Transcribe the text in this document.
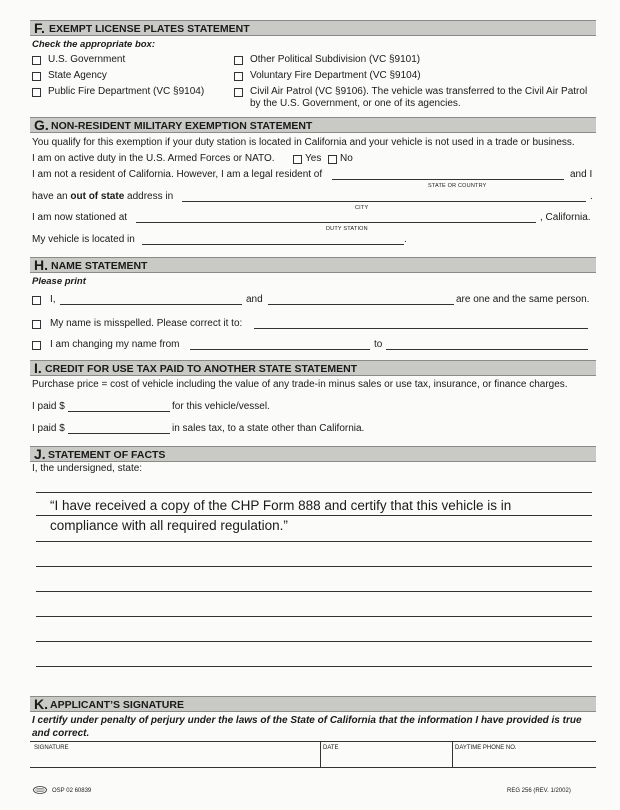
F. EXEMPT LICENSE PLATES STATEMENT
Check the appropriate box:
U.S. Government
State Agency
Public Fire Department (VC §9104)
Other Political Subdivision (VC §9101)
Voluntary Fire Department (VC §9104)
Civil Air Patrol (VC §9106). The vehicle was transferred to the Civil Air Patrol
by the U.S. Government, or one of its agencies.
G. NON-RESIDENT MILITARY EXEMPTION STATEMENT
You qualify for this exemption if your duty station is located in California and your vehicle is not used in a trade or business.
I am on active duty in the U.S. Armed Forces or NATO.	Yes No
I am not a resident of California. However, I am a legal resident of	and I
STATE OR COUNTRY
have an out of state address in	.
CITY
I am now stationed at	, California.
DUTY STATION
My vehicle is located in	.
H. NAME STATEMENT
Please print
I,	and	are one and the same person.
My name is misspelled. Please correct it to:
I am changing my name from	to
I. CREDIT FOR USE TAX PAID TO ANOTHER STATE STATEMENT
Purchase price = cost of vehicle including the value of any trade-in minus sales or use tax, insurance, or finance charges.
I paid $	for this vehicle/vessel.
I paid $	in sales tax, to a state other than California.
J. STATEMENT OF FACTS
I, the undersigned, state:
“I have received a copy of the CHP Form 888 and certify that this vehicle is in
compliance with all required regulation.”
K. APPLICANT’S SIGNATURE
I certify under penalty of perjury under the laws of the State of California that the information I have provided is true
and correct.
SIGNATURE	DATE	DAYTIME PHONE NO.
OSP 02 60839	REG 256 (REV. 1/2002)
